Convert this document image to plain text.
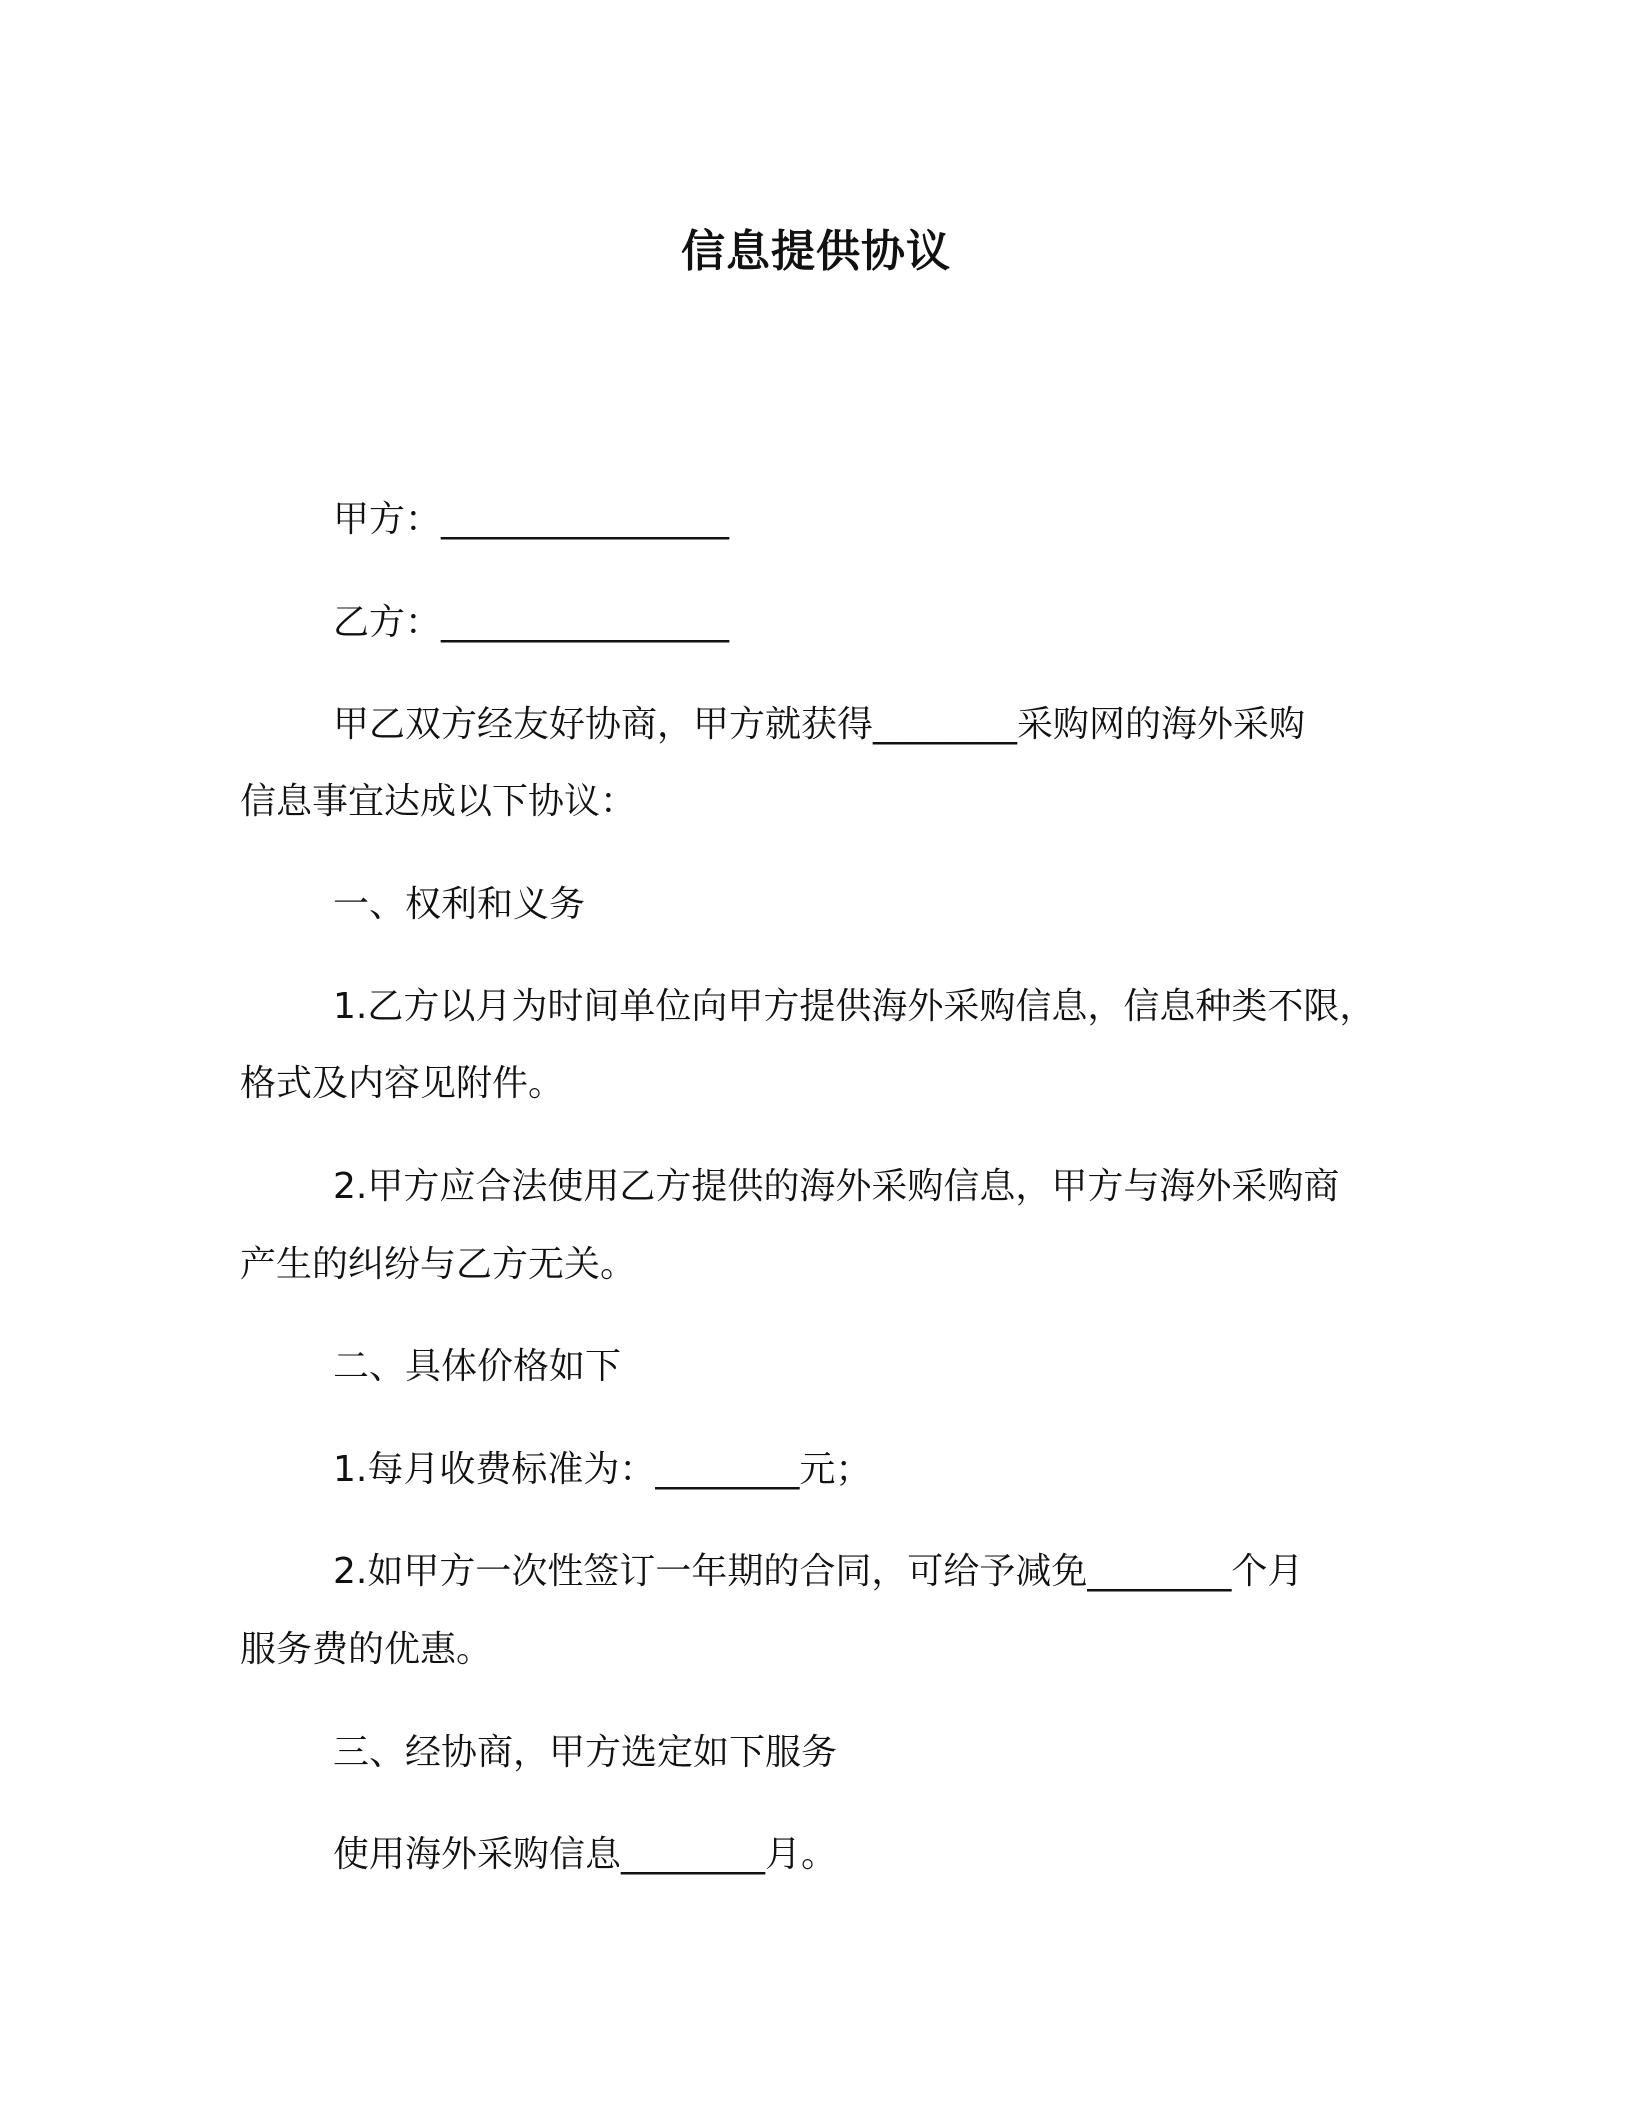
信息提供协议

甲方：________________

乙方：________________

甲乙双方经友好协商，甲方就获得________采购网的海外采购

信息事宜达成以下协议：

一、权利和义务

1.乙方以月为时间单位向甲方提供海外采购信息，信息种类不限，

格式及内容见附件。

2.甲方应合法使用乙方提供的海外采购信息，甲方与海外采购商

产生的纠纷与乙方无关。

二、具体价格如下

1.每月收费标准为：________元；

2.如甲方一次性签订一年期的合同，可给予减免________个月

服务费的优惠。

三、经协商，甲方选定如下服务

使用海外采购信息________月。
